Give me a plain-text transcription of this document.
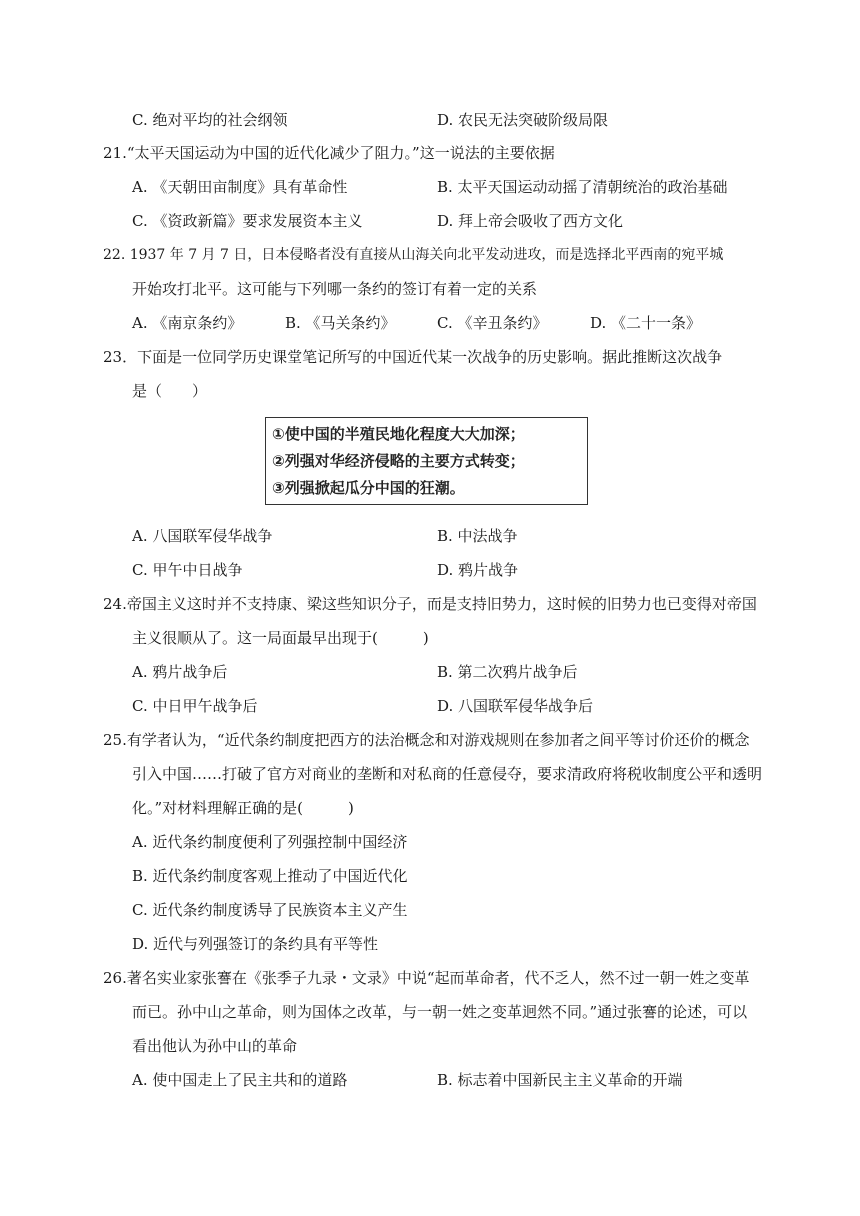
C. 绝对平均的社会纲领	D. 农民无法突破阶级局限
21.“太平天国运动为中国的近代化减少了阻力。”这一说法的主要依据
A. 《天朝田亩制度》具有革命性	B. 太平天国运动动摇了清朝统治的政治基础
C. 《资政新篇》要求发展资本主义	D. 拜上帝会吸收了西方文化
22. 1937 年 7 月 7 日，日本侵略者没有直接从山海关向北平发动进攻，而是选择北平西南的宛平城
开始攻打北平。这可能与下列哪一条约的签订有着一定的关系
A. 《南京条约》	B. 《马关条约》	C. 《辛丑条约》	D. 《二十一条》
23．下面是一位同学历史课堂笔记所写的中国近代某一次战争的历史影响。据此推断这次战争
是（　　）
①使中国的半殖民地化程度大大加深；
②列强对华经济侵略的主要方式转变；
③列强掀起瓜分中国的狂潮。
A. 八国联军侵华战争	B. 中法战争
C. 甲午中日战争	D. 鸦片战争
24.帝国主义这时并不支持康、梁这些知识分子，而是支持旧势力，这时候的旧势力也已变得对帝国
主义很顺从了。这一局面最早出现于(　　　)
A. 鸦片战争后	B. 第二次鸦片战争后
C. 中日甲午战争后	D. 八国联军侵华战争后
25.有学者认为，“近代条约制度把西方的法治概念和对游戏规则在参加者之间平等讨价还价的概念
引入中国……打破了官方对商业的垄断和对私商的任意侵夺，要求清政府将税收制度公平和透明
化。”对材料理解正确的是(　　　)
A. 近代条约制度便利了列强控制中国经济
B. 近代条约制度客观上推动了中国近代化
C. 近代条约制度诱导了民族资本主义产生
D. 近代与列强签订的条约具有平等性
26.著名实业家张謇在《张季子九录・文录》中说“起而革命者，代不乏人，然不过一朝一姓之变革
而已。孙中山之革命，则为国体之改革，与一朝一姓之变革迥然不同。”通过张謇的论述，可以
看出他认为孙中山的革命
A. 使中国走上了民主共和的道路	B. 标志着中国新民主主义革命的开端
